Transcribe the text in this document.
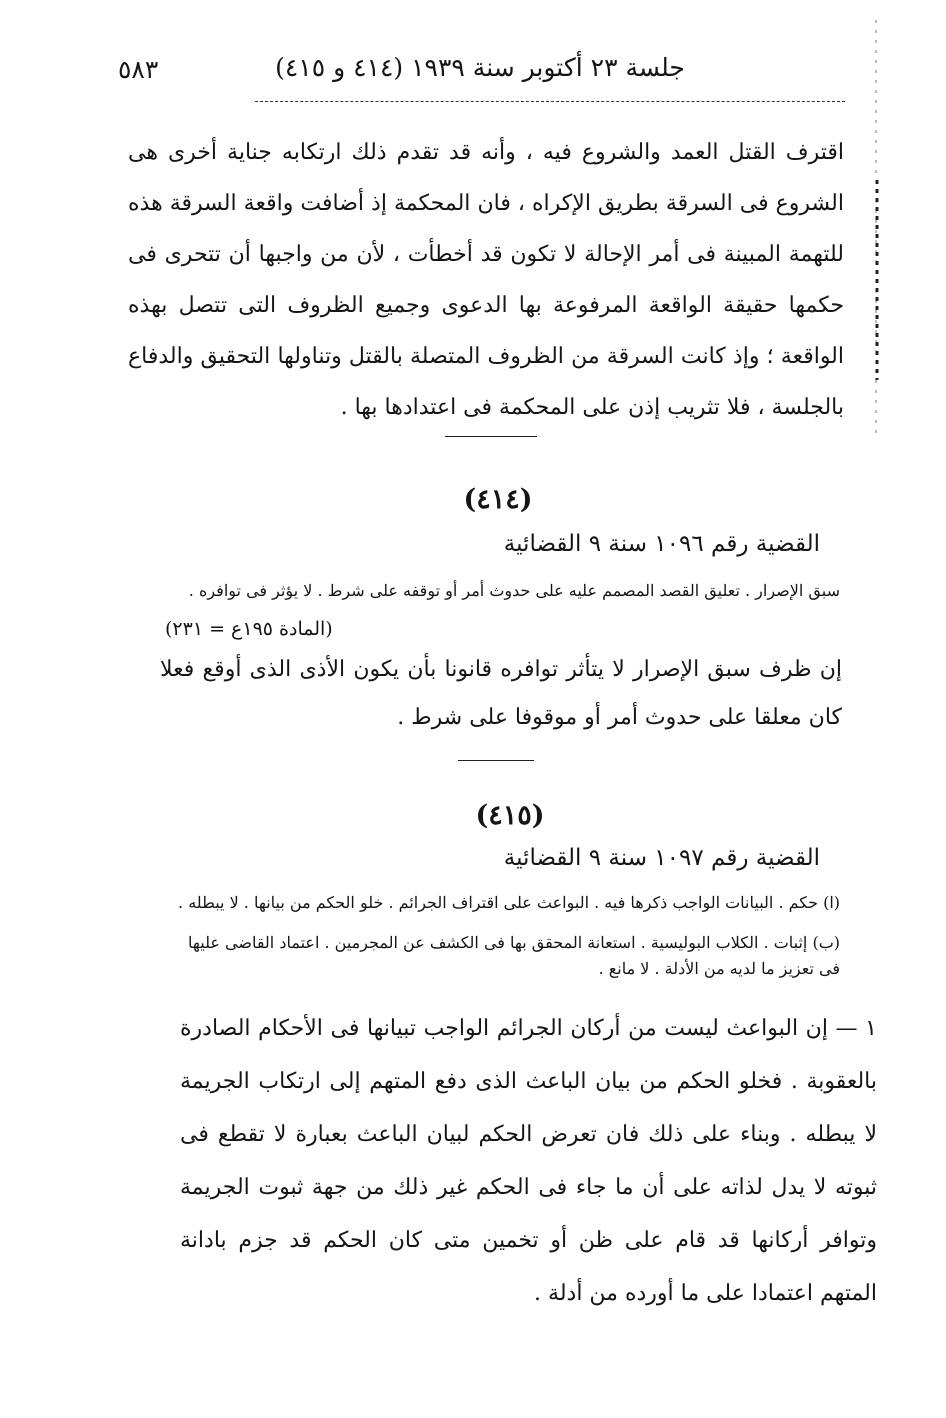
جلسة ٢٣ أكتوبر سنة ١٩٣٩ (٤١٤ و ٤١٥)
٥٨٣
اقترف القتل العمد والشروع فيه ، وأنه قد تقدم ذلك ارتكابه جناية أخرى هى الشروع فى السرقة بطريق الإكراه ، فان المحكمة إذ أضافت واقعة السرقة هذه للتهمة المبينة فى أمر الإحالة لا تكون قد أخطأت ، لأن من واجبها أن تتحرى فى حكمها حقيقة الواقعة المرفوعة بها الدعوى وجميع الظروف التى تتصل بهذه الواقعة ؛ وإذ كانت السرقة من الظروف المتصلة بالقتل وتناولها التحقيق والدفاع بالجلسة ، فلا تثريب إذن على المحكمة فى اعتدادها بها .
(٤١٤)
القضية رقم ١٠٩٦ سنة ٩ القضائية
سبق الإصرار . تعليق القصد المصمم عليه على حدوث أمر أو توقفه على شرط . لا يؤثر فى توافره .
(المادة ١٩٥ع = ٢٣١)
إن ظرف سبق الإصرار لا يتأثر توافره قانونا بأن يكون الأذى الذى أوقع فعلا كان معلقا على حدوث أمر أو موقوفا على شرط .
(٤١٥)
القضية رقم ١٠٩٧ سنة ٩ القضائية
(ا) حكم . البيانات الواجب ذكرها فيه . البواعث على اقتراف الجرائم . خلو الحكم من بيانها . لا يبطله .
(ب) إثبات . الكلاب البوليسية . استعانة المحقق بها فى الكشف عن المجرمين . اعتماد القاضى عليها فى تعزيز ما لديه من الأدلة . لا مانع .
١ — إن البواعث ليست من أركان الجرائم الواجب تبيانها فى الأحكام الصادرة بالعقوبة . فخلو الحكم من بيان الباعث الذى دفع المتهم إلى ارتكاب الجريمة لا يبطله . وبناء على ذلك فان تعرض الحكم لبيان الباعث بعبارة لا تقطع فى ثبوته لا يدل لذاته على أن ما جاء فى الحكم غير ذلك من جهة ثبوت الجريمة وتوافر أركانها قد قام على ظن أو تخمين متى كان الحكم قد جزم بادانة المتهم اعتمادا على ما أورده من أدلة .
